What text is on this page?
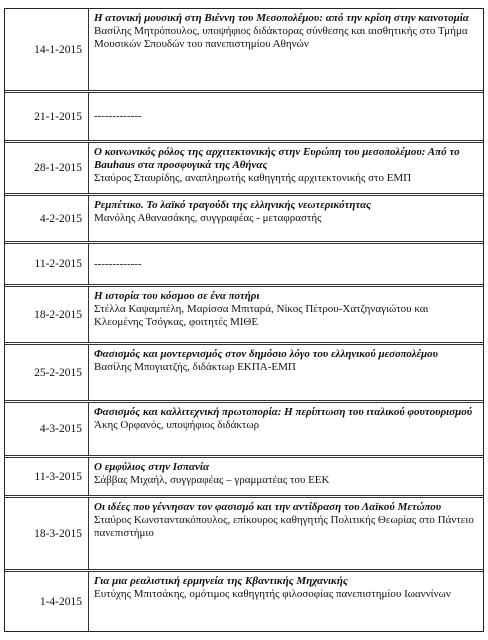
14-1-2015
Η ατονική μουσική στη Βιέννη του Μεσοπολέμου: από την κρίση στην καινοτομία
Βασίλης Μητρόπουλος, υποψήφιος διδάκτορας σύνθεσης και αισθητικής στο Τμήμα Μουσικών Σπουδών του πανεπιστημίου Αθηνών
21-1-2015	-------------
28-1-2015
Ο κοινωνικός ρόλος της αρχιτεκτονικής στην Ευρώπη του μεσοπολέμου: Από το Bauhaus στα προσφυγικά της Αθήνας
Σταύρος Σταυρίδης, αναπληρωτής καθηγητής αρχιτεκτονικής στο ΕΜΠ
4-2-2015
Ρεμπέτικο. Το λαϊκό τραγούδι της ελληνικής νεωτερικότητας
Μανόλης Αθανασάκης, συγγραφέας - μεταφραστής
11-2-2015	-------------
18-2-2015
Η ιστορία του κόσμου σε ένα ποτήρι
Στέλλα Καψαμπέλη, Μαρίσσα Μπιταρά, Νίκος Πέτρου-Χατζηναγιώτου και Κλεομένης Τσόγκας, φοιτητές ΜΙΘΕ
25-2-2015
Φασισμός και μοντερνισμός στον δημόσιο λόγο του ελληνικού μεσοπολέμου
Βασίλης Μπογιατζής, διδάκτωρ ΕΚΠΑ-ΕΜΠ
4-3-2015
Φασισμός και καλλιτεχνική πρωτοπορία: Η περίπτωση του ιταλικού φουτουρισμού
Άκης Ορφανός, υποψήφιος διδάκτωρ
11-3-2015
Ο εμφύλιος στην Ισπανία
Σάββας Μιχαήλ, συγγραφέας – γραμματέας του ΕΕΚ
18-3-2015
Οι ιδέες που γέννησαν τον φασισμό και την αντίδραση του Λαϊκού Μετώπου
Σταύρος Κωνσταντακόπουλος, επίκουρος καθηγητής Πολιτικής Θεωρίας στο Πάντειο πανεπιστήμιο
1-4-2015
Για μια ρεαλιστική ερμηνεία της Κβαντικής Μηχανικής
Ευτύχης Μπιτσάκης, ομότιμος καθηγητής φιλοσοφίας πανεπιστημίου Ιωαννίνων
